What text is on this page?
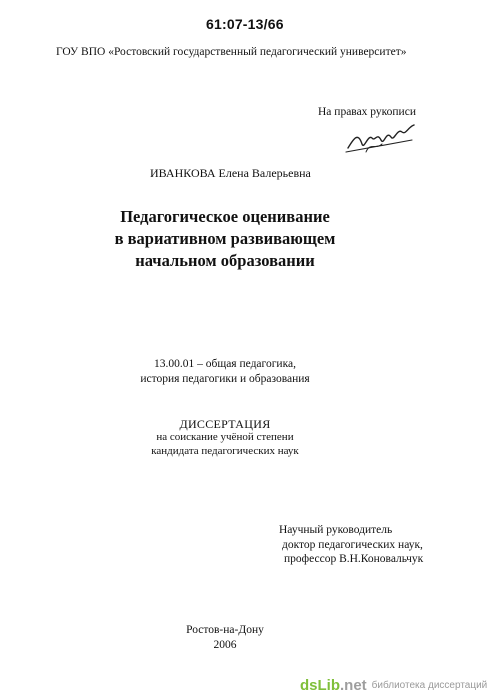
61:07-13/66
ГОУ ВПО «Ростовский государственный педагогический университет»
На правах рукописи
ИВАНКОВА Елена Валерьевна
Педагогическое оценивание
в вариативном развивающем
начальном образовании
13.00.01 – общая педагогика,
история педагогики и образования
ДИССЕРТАЦИЯ
на соискание учёной степени
кандидата педагогических наук
Научный руководитель
доктор педагогических наук,
профессор В.Н.Коновальчук
Ростов-на-Дону
2006
dsLib.net библиотека диссертаций
